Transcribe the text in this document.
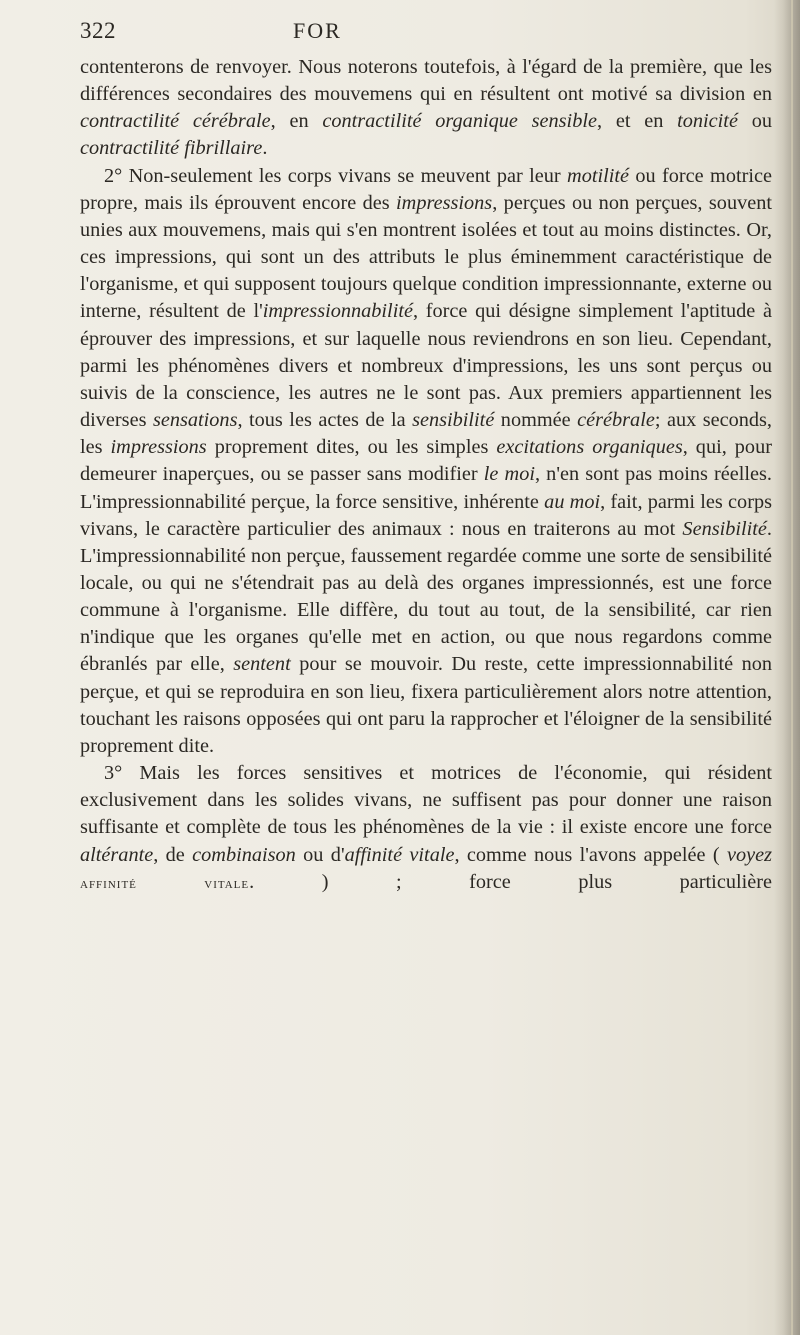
322	FOR

contenterons de renvoyer. Nous noterons toutefois, à l'égard de la première, que les différences secondaires des mouvemens qui en résultent ont motivé sa division en contractilité cérébrale, en contractilité organique sensible, et en tonicité ou contractilité fibrillaire.

2° Non-seulement les corps vivans se meuvent par leur motilité ou force motrice propre, mais ils éprouvent encore des impressions, perçues ou non perçues, souvent unies aux mouvemens, mais qui s'en montrent isolées et tout au moins distinctes. Or, ces impressions, qui sont un des attributs le plus éminemment caractéristique de l'organisme, et qui supposent toujours quelque condition impressionnante, externe ou interne, résultent de l'impressionnabilité, force qui désigne simplement l'aptitude à éprouver des impressions, et sur laquelle nous reviendrons en son lieu. Cependant, parmi les phénomènes divers et nombreux d'impressions, les uns sont perçus ou suivis de la conscience, les autres ne le sont pas. Aux premiers appartiennent les diverses sensations, tous les actes de la sensibilité nommée cérébrale; aux seconds, les impressions proprement dites, ou les simples excitations organiques, qui, pour demeurer inaperçues, ou se passer sans modifier le moi, n'en sont pas moins réelles. L'impressionnabilité perçue, la force sensitive, inhérente au moi, fait, parmi les corps vivans, le caractère particulier des animaux : nous en traiterons au mot Sensibilité. L'impressionnabilité non perçue, faussement regardée comme une sorte de sensibilité locale, ou qui ne s'étendrait pas au delà des organes impressionnés, est une force commune à l'organisme. Elle diffère, du tout au tout, de la sensibilité, car rien n'indique que les organes qu'elle met en action, ou que nous regardons comme ébranlés par elle, sentent pour se mouvoir. Du reste, cette impressionnabilité non perçue, et qui se reproduira en son lieu, fixera particulièrement alors notre attention, touchant les raisons opposées qui ont paru la rapprocher et l'éloigner de la sensibilité proprement dite.

3° Mais les forces sensitives et motrices de l'économie, qui résident exclusivement dans les solides vivans, ne suffisent pas pour donner une raison suffisante et complète de tous les phénomènes de la vie : il existe encore une force altérante, de combinaison ou d'affinité vitale, comme nous l'avons appelée ( voyez affinité vitale. ) ; force plus particulière
